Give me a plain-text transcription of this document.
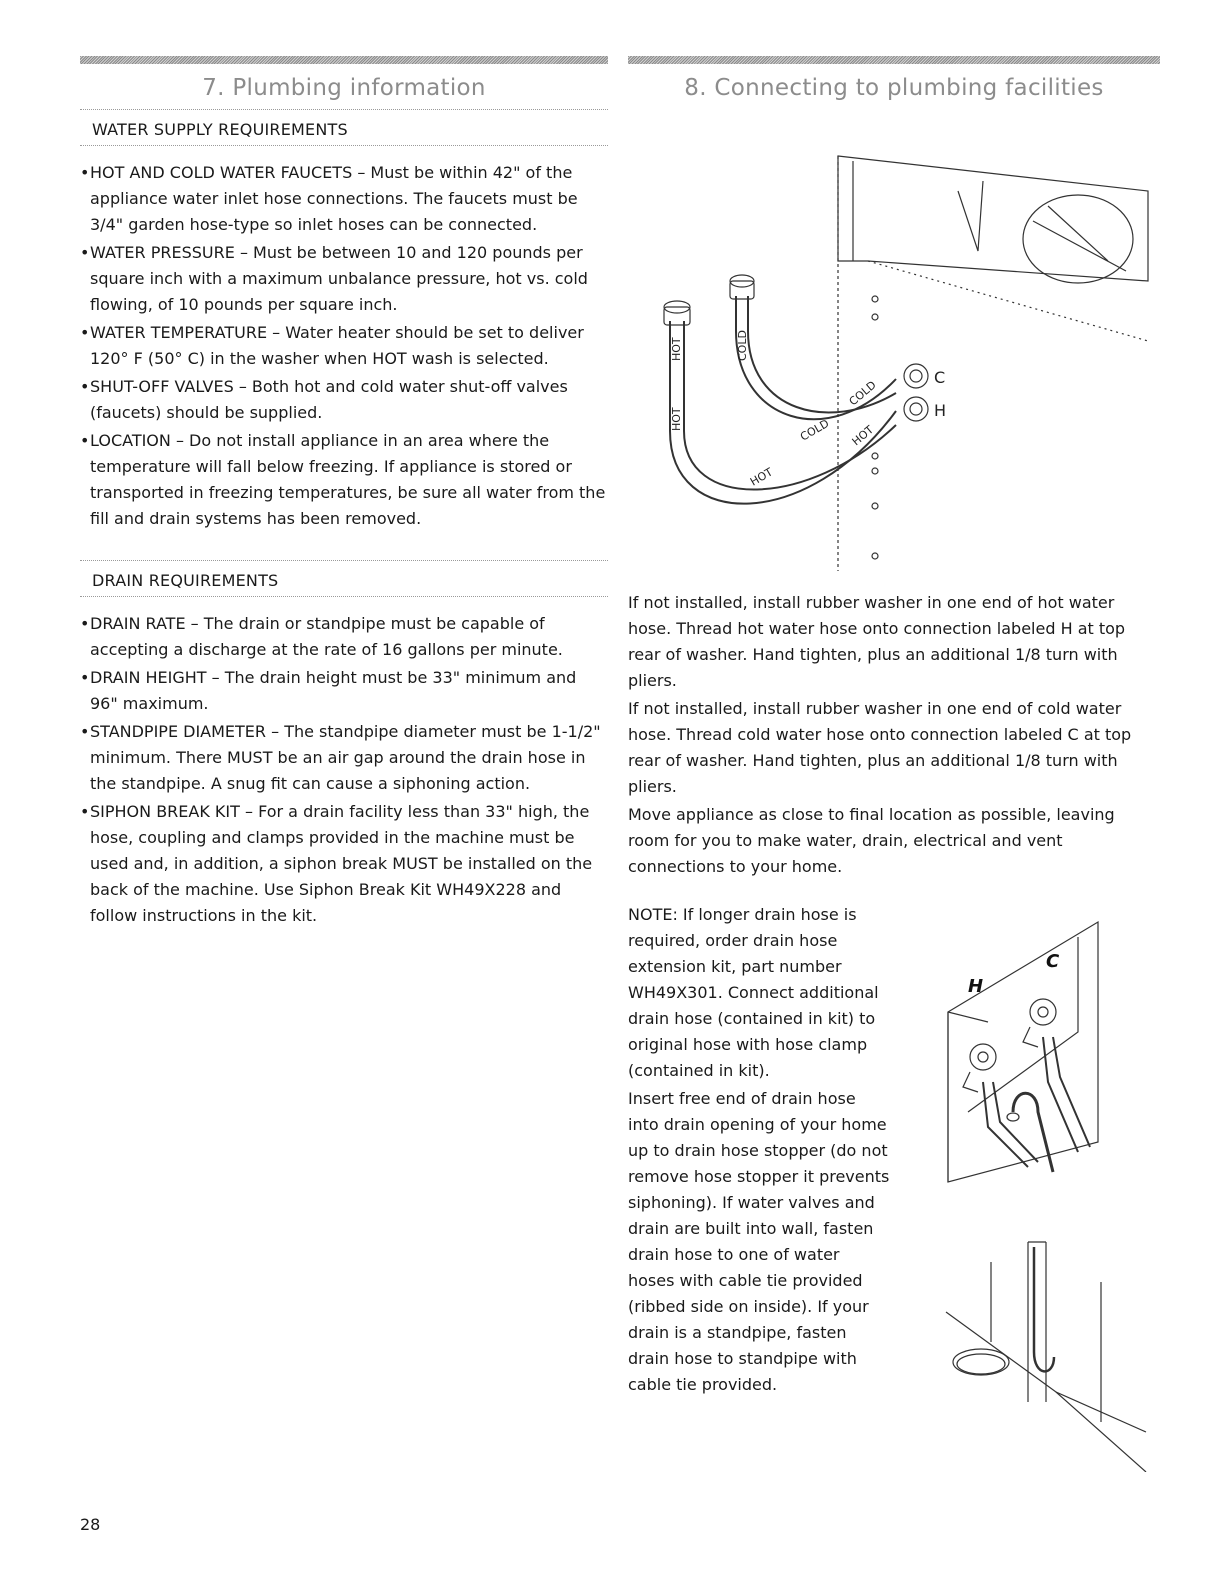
7. Plumbing information
WATER SUPPLY REQUIREMENTS
• HOT AND COLD WATER FAUCETS – Must be within 42" of the appliance water inlet hose connections. The faucets must be 3/4" garden hose-type so inlet hoses can be connected.
• WATER PRESSURE – Must be between 10 and 120 pounds per square inch with a maximum unbalance pressure, hot vs. cold flowing, of 10 pounds per square inch.
• WATER TEMPERATURE – Water heater should be set to deliver 120° F (50° C) in the washer when HOT wash is selected.
• SHUT-OFF VALVES – Both hot and cold water shut-off valves (faucets) should be supplied.
• LOCATION – Do not install appliance in an area where the temperature will fall below freezing. If appliance is stored or transported in freezing temperatures, be sure all water from the fill and drain systems has been removed.
DRAIN REQUIREMENTS
• DRAIN RATE – The drain or standpipe must be capable of accepting a discharge at the rate of 16 gallons per minute.
• DRAIN HEIGHT – The drain height must be 33" minimum and 96" maximum.
• STANDPIPE DIAMETER – The standpipe diameter must be 1-1/2" minimum. There MUST be an air gap around the drain hose in the standpipe. A snug fit can cause a siphoning action.
• SIPHON BREAK KIT – For a drain facility less than 33" high, the hose, coupling and clamps provided in the machine must be used and, in addition, a siphon break MUST be installed on the back of the machine. Use Siphon Break Kit WH49X228 and follow instructions in the kit.
8. Connecting to plumbing facilities
COLD
HOT
HOT	COLD
HOT
COLD
HOT
C
H

If not installed, install rubber washer in one end of hot water hose. Thread hot water hose onto connection labeled H at top rear of washer. Hand tighten, plus an additional 1/8 turn with pliers.

If not installed, install rubber washer in one end of cold water hose. Thread cold water hose onto connection labeled C at top rear of washer. Hand tighten, plus an additional 1/8 turn with pliers.

Move appliance as close to final location as possible, leaving room for you to make water, drain, electrical and vent connections to your home.

NOTE: If longer drain hose is required, order drain hose extension kit, part number WH49X301. Connect additional drain hose (contained in kit) to original hose with hose clamp (contained in kit).

Insert free end of drain hose into drain opening of your home up to drain hose stopper (do not remove hose stopper it prevents siphoning). If water valves and drain are built into wall, fasten drain hose to one of water hoses with cable tie provided (ribbed side on inside). If your drain is a standpipe, fasten drain hose to standpipe with cable tie provided.

H
C
28
